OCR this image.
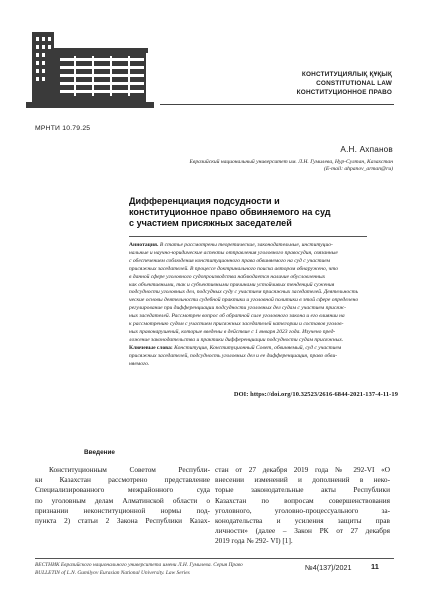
КОНСТИТУЦИЯЛЫҚ ҚҰҚЫҚ
CONSTITUTIONAL LAW
КОНСТИТУЦИОННОЕ ПРАВО
МРНТИ 10.79.25
А.Н. Ахпанов
Евразийский национальный университет им. Л.Н. Гумилева, Нур-Султан, Казахстан
(E-mail: ahpanov_arman@ru)
Дифференциация подсудности и
конституционное право обвиняемого на суд
с участием присяжных заседателей
Аннотация. В статье рассмотрены теоретические, законодательные, институцио-
нальные и научно-юридические аспекты отправления уголовного правосудия, связанные
с обеспечением соблюдения конституционного права обвиняемого на суд с участием
присяжных заседателей. В процессе доктринального поиска автором обнаружено, что
в данной сфере уголовного судопроизводства наблюдается наличие обусловленных
как объективными, так и субъективными причинами устойчивых тенденций сужения
подсудности уголовных дел, подсудных суду с участием присяжных заседателей. Деятельность
ческие основы деятельности судебной практики и уголовной политики в этой сфере определено
регулирование при дифференциации подсудности уголовных дел судам с участием присяж-
ных заседателей. Рассмотрен вопрос об обратной силе уголовного закона и его влиянии на
к рассмотрению судом с участием присяжных заседателей категории и составов уголов-
ных правонарушений, которые введены в действие с 1 января 2023 года. Изучено пред-
ложение законодательства и практики дифференциации подсудности судам присяжных.
Ключевые слова: Конституция, Конституционный Совет, обвиняемый, суд с участием
присяжных заседателей, подсудность уголовных дел и ее дифференциация, право обви-
няемого.
DOI: https://doi.org/10.32523/2616-6844-2021-137-4-11-19
Введение
Конституционным Советом Республи-
ки Казахстан рассмотрено представление
Специализированного межрайонного суда
по уголовным делам Алматинской области о
признании неконституционной нормы под-
пункта 2) статьи 2 Закона Республики Казах-
стан от 27 декабря 2019 года № 292-VI «О
внесении изменений и дополнений в неко-
торые законодательные акты Республики
Казахстан по вопросам совершенствования
уголовного, уголовно-процессуального за-
конодательства и усиления защиты прав
личности» (далее – Закон РК от 27 декабря
2019 года № 292- VI) [1].
ВЕСТНИК Евразийского национального университета имени Л.Н. Гумилева. Серия Право
BULLETIN of L.N. Gumilyov Eurasian National University. Law Series
№4(137)/2021	11
